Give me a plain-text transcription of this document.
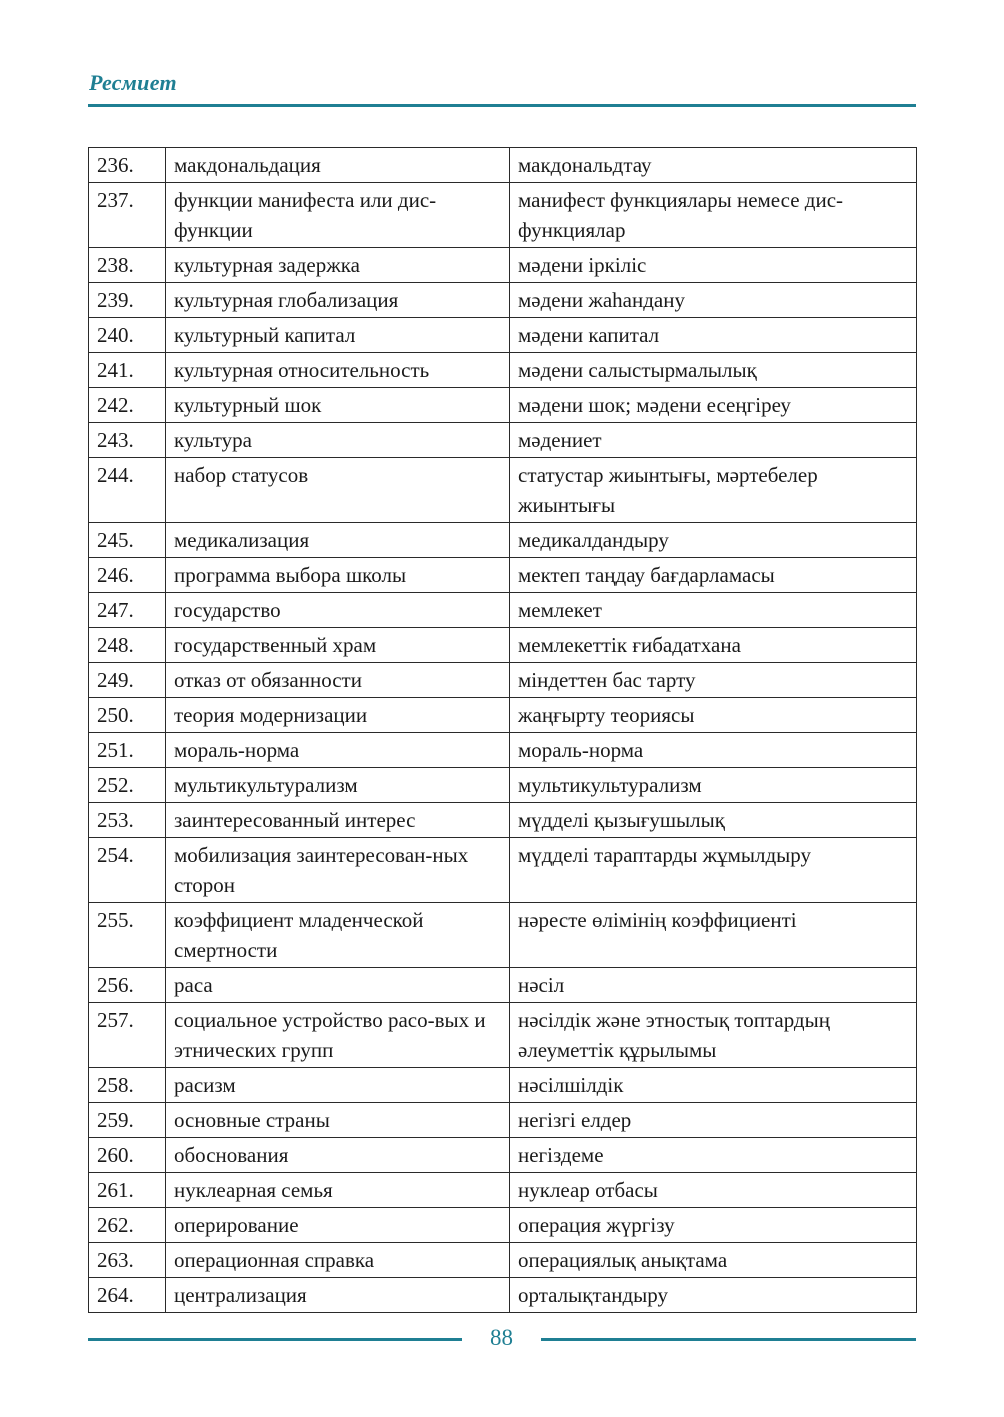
Ресмиет
236.	макдональдация	макдональдтау
237.	функции манифеста или дис-функции	манифест функциялары немесе дис-функциялар
238.	культурная задержка	мәдени іркіліс
239.	культурная глобализация	мәдени жаһандану
240.	культурный капитал	мәдени капитал
241.	культурная относительность	мәдени салыстырмалылық
242.	культурный шок	мәдени шок; мәдени есеңгіреу
243.	культура	мәдениет
244.	набор статусов	статустар жиынтығы, мәртебелер жиынтығы
245.	медикализация	медикалдандыру
246.	программа выбора школы	мектеп таңдау бағдарламасы
247.	государство	мемлекет
248.	государственный храм	мемлекеттік ғибадатхана
249.	отказ от обязанности	міндеттен бас тарту
250.	теория модернизации	жаңғырту теориясы
251.	мораль-норма	мораль-норма
252.	мультикультурализм	мультикультурализм
253.	заинтересованный интерес	мүдделі қызығушылық
254.	мобилизация заинтересован-ных сторон	мүдделі тараптарды жұмылдыру
255.	коэффициент младенческой смертности	нәресте өлімінің коэффициенті
256.	раса	нәсіл
257.	социальное устройство расо-вых и этнических групп	нәсілдік және этностық топтардың әлеуметтік құрылымы
258.	расизм	нәсілшілдік
259.	основные страны	негізгі елдер
260.	обоснования	негіздеме
261.	нуклеарная семья	нуклеар отбасы
262.	оперирование	операция жүргізу
263.	операционная справка	операциялық анықтама
264.	централизация	орталықтандыру
88
